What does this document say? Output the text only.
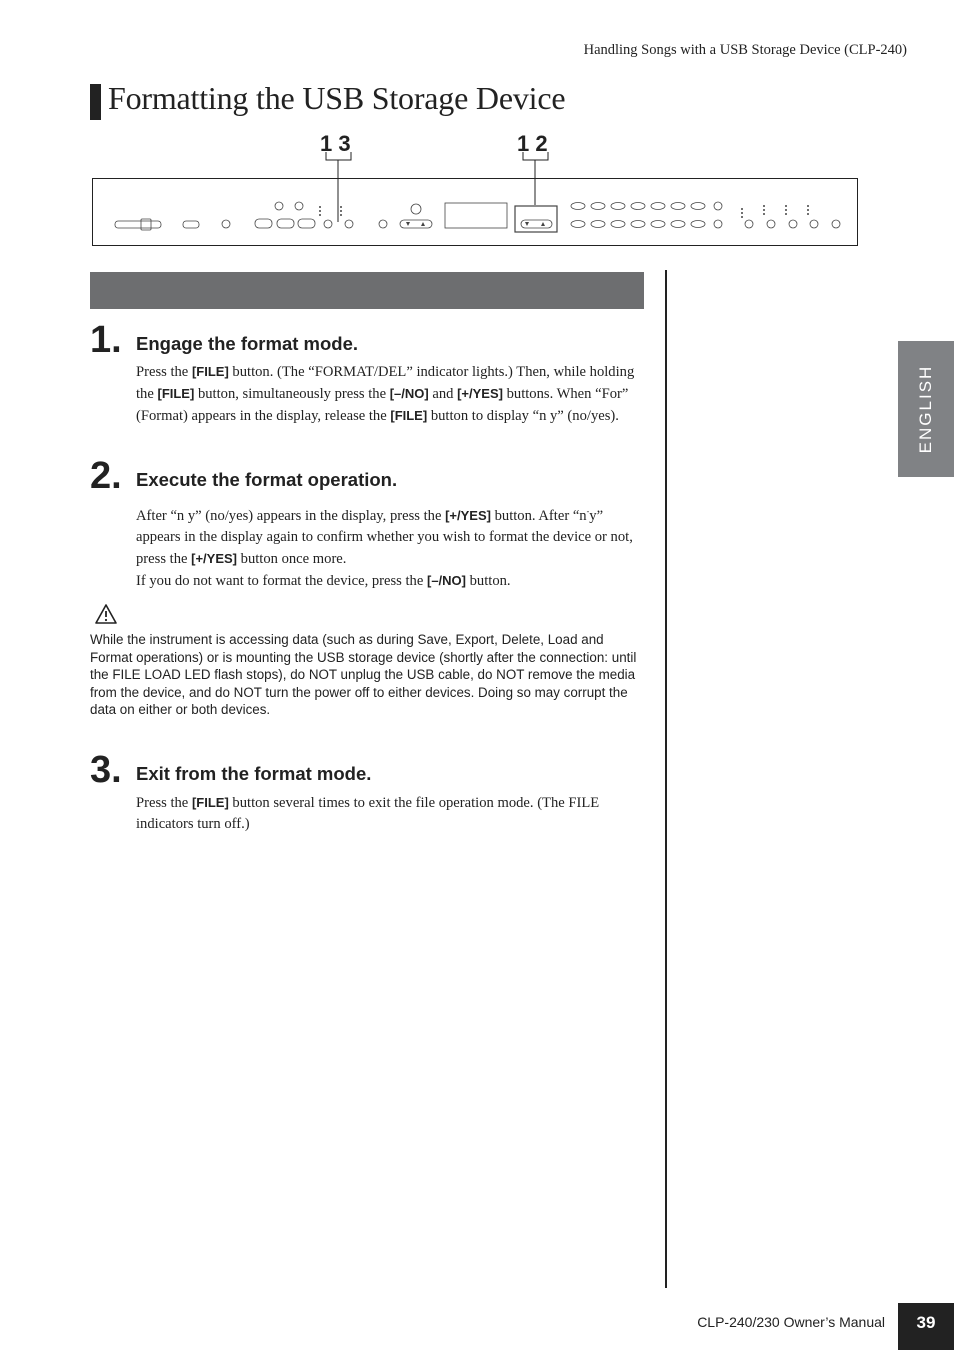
Handling Songs with a USB Storage Device (CLP-240)
Formatting the USB Storage Device
1 3	1 2
ENGLISH
1. Engage the format mode.

Press the [FILE] button. (The “FORMAT/DEL” indicator lights.) Then, while holding the [FILE] button, simultaneously press the [–/NO] and [+/YES] buttons. When “For” (Format) appears in the display, release the [FILE] button to display “n y” (no/yes).

2. Execute the format operation.

After “n y” (no/yes) appears in the display, press the [+/YES] button. After “n-y” appears in the display again to confirm whether you wish to format the device or not, press the [+/YES] button once more.
If you do not want to format the device, press the [–/NO] button.

While the instrument is accessing data (such as during Save, Export, Delete, Load and Format operations) or is mounting the USB storage device (shortly after the connection: until the FILE LOAD LED flash stops), do NOT unplug the USB cable, do NOT remove the media from the device, and do NOT turn the power off to either devices. Doing so may corrupt the data on either or both devices.

3. Exit from the format mode.

Press the [FILE] button several times to exit the file operation mode. (The FILE indicators turn off.)

CLP-240/230 Owner’s Manual	39
